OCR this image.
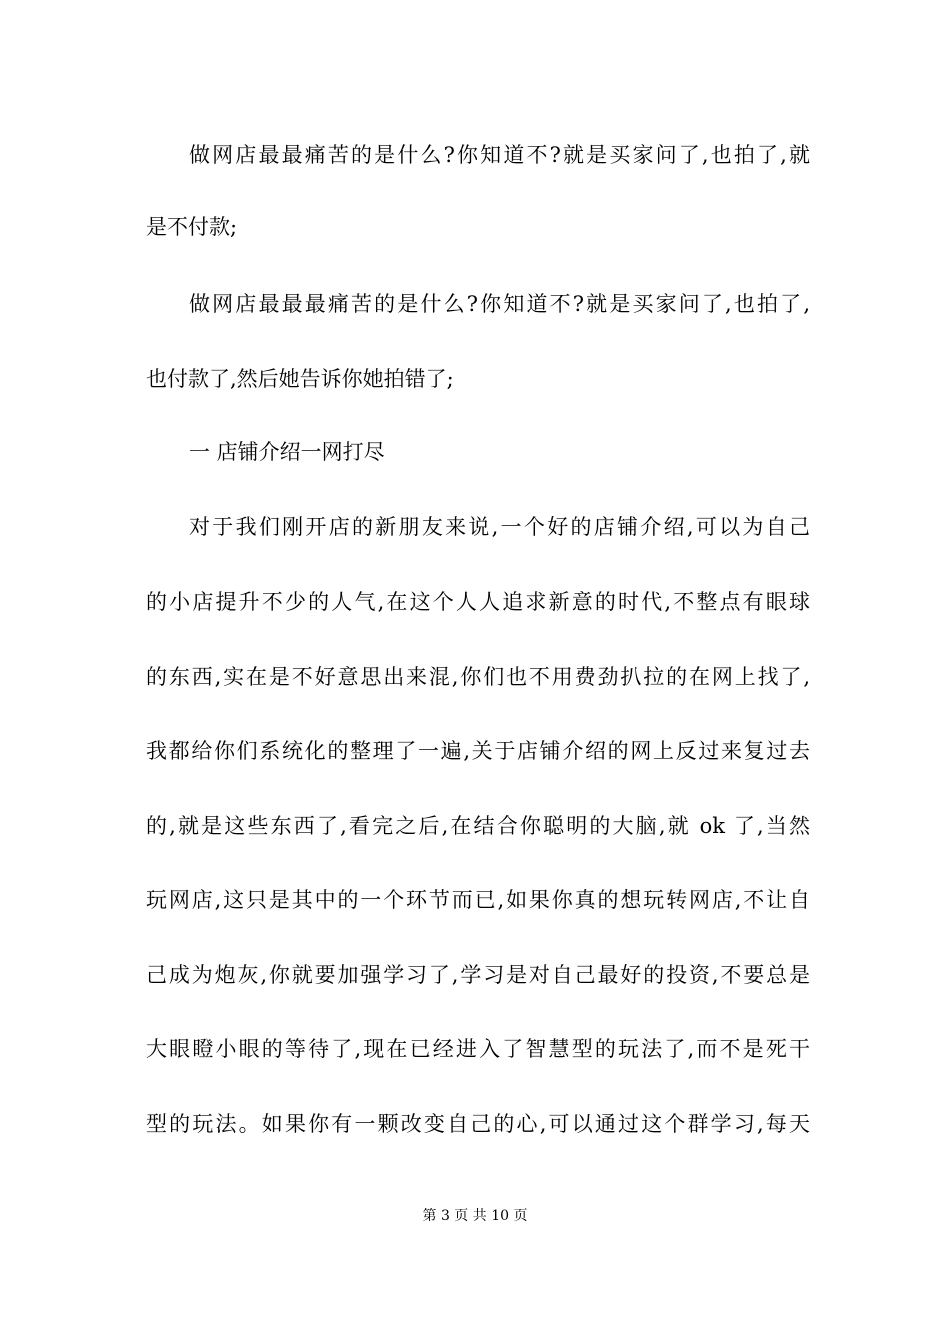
做网店最最痛苦的是什么?你知道不?就是买家问了,也拍了,就
是不付款;
做网店最最最痛苦的是什么?你知道不?就是买家问了,也拍了,
也付款了,然后她告诉你她拍错了;
一 店铺介绍一网打尽
对于我们刚开店的新朋友来说,一个好的店铺介绍,可以为自己
的小店提升不少的人气,在这个人人追求新意的时代,不整点有眼球
的东西,实在是不好意思出来混,你们也不用费劲扒拉的在网上找了,
我都给你们系统化的整理了一遍,关于店铺介绍的网上反过来复过去
的,就是这些东西了,看完之后,在结合你聪明的大脑,就 ok 了,当然
玩网店,这只是其中的一个环节而已,如果你真的想玩转网店,不让自
己成为炮灰,你就要加强学习了,学习是对自己最好的投资,不要总是
大眼瞪小眼的等待了,现在已经进入了智慧型的玩法了,而不是死干
型的玩法。如果你有一颗改变自己的心,可以通过这个群学习,每天
第 3 页 共 10 页
